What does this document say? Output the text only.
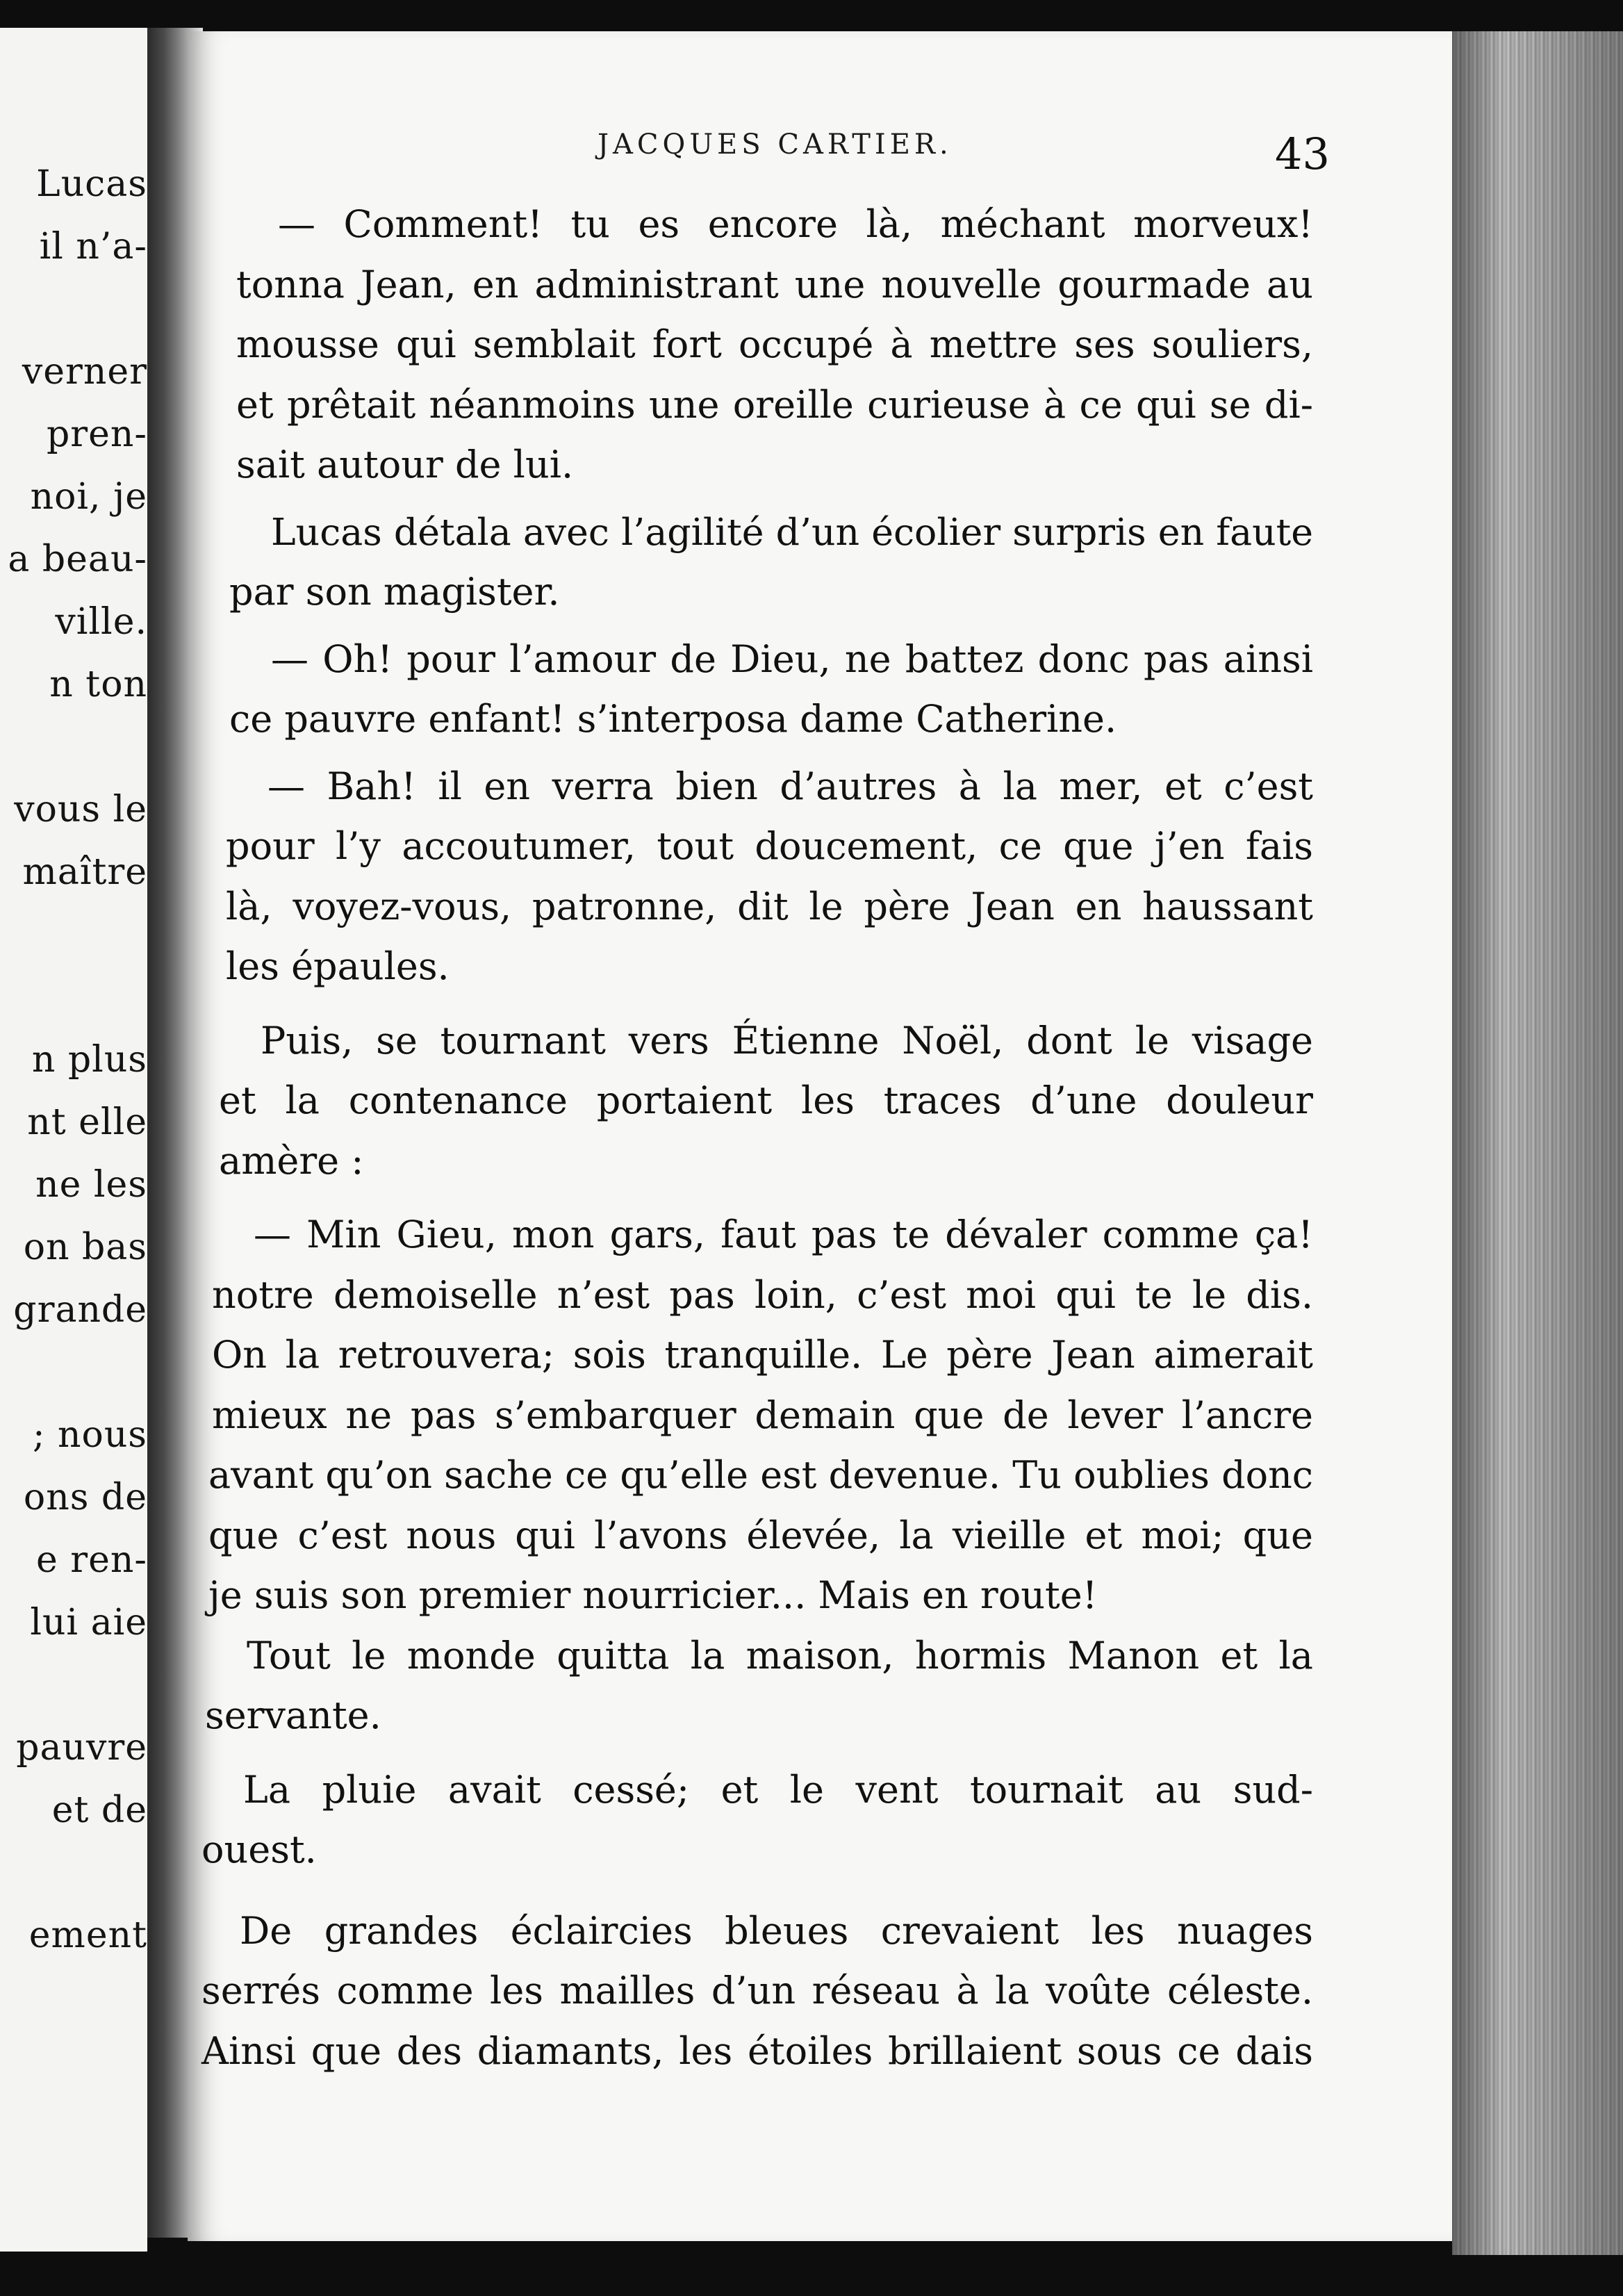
Lucas
il n’a-
verner
pren-
noi, je
a beau-
ville.
n ton
vous le
maître
n plus
nt elle
ne les
on bas
grande
; nous
ons de
e ren-
lui aie
pauvre
et de
ement
JACQUES CARTIER.	43
— Comment! tu es encore là, méchant morveux!
tonna Jean, en administrant une nouvelle gourmade au
mousse qui semblait fort occupé à mettre ses souliers,
et prêtait néanmoins une oreille curieuse à ce qui se di-
sait autour de lui.
Lucas détala avec l’agilité d’un écolier surpris en faute
par son magister.
— Oh! pour l’amour de Dieu, ne battez donc pas ainsi
ce pauvre enfant! s’interposa dame Catherine.
— Bah! il en verra bien d’autres à la mer, et c’est
pour l’y accoutumer, tout doucement, ce que j’en fais
là, voyez-vous, patronne, dit le père Jean en haussant
les épaules.
Puis, se tournant vers Étienne Noël, dont le visage
et la contenance portaient les traces d’une douleur
amère :
— Min Gieu, mon gars, faut pas te dévaler comme ça!
notre demoiselle n’est pas loin, c’est moi qui te le dis.
On la retrouvera; sois tranquille. Le père Jean aimerait
mieux ne pas s’embarquer demain que de lever l’ancre
avant qu’on sache ce qu’elle est devenue. Tu oublies donc
que c’est nous qui l’avons élevée, la vieille et moi; que
je suis son premier nourricier... Mais en route!
Tout le monde quitta la maison, hormis Manon et la
servante.
La pluie avait cessé; et le vent tournait au sud-
ouest.
De grandes éclaircies bleues crevaient les nuages
serrés comme les mailles d’un réseau à la voûte céleste.
Ainsi que des diamants, les étoiles brillaient sous ce dais
